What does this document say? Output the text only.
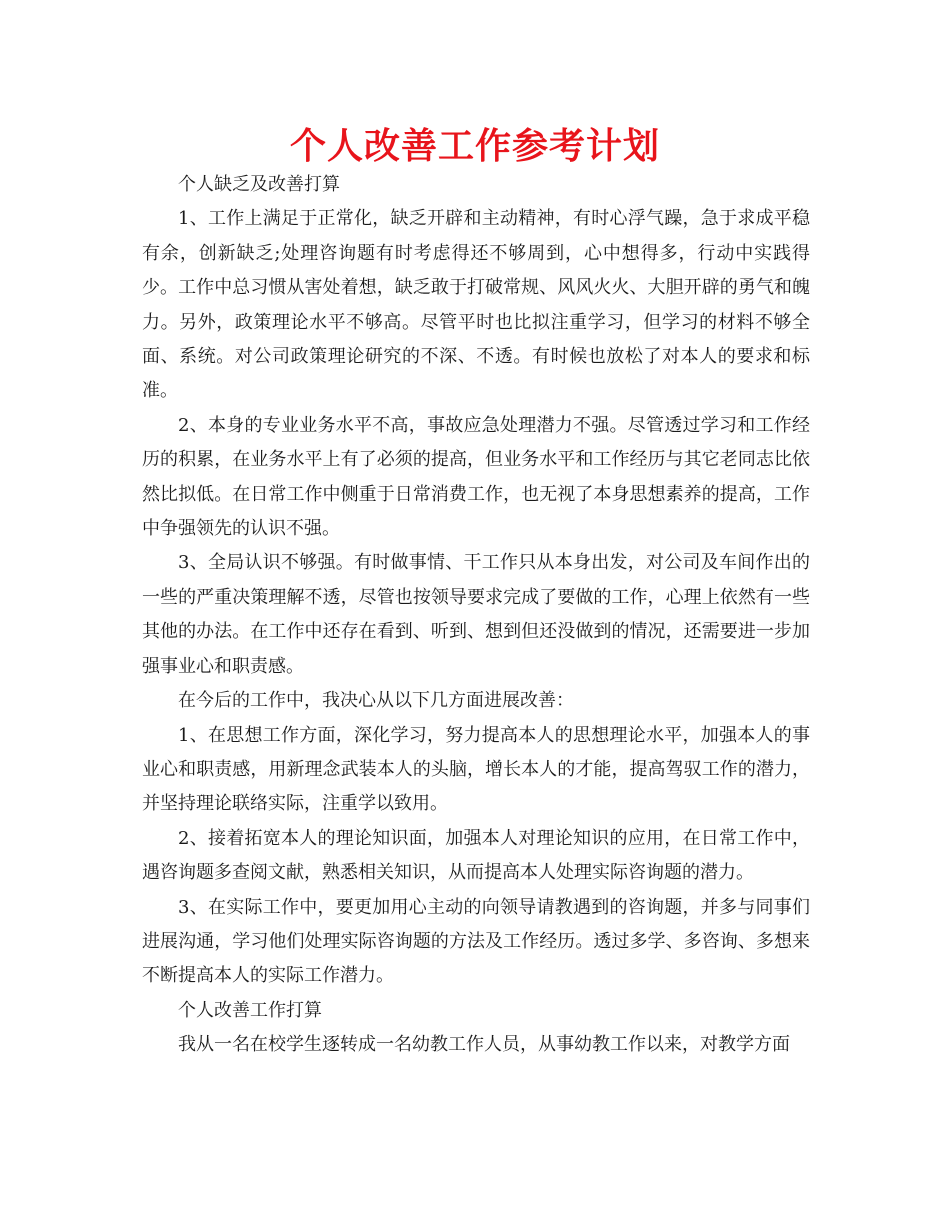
个人改善工作参考计划

个人缺乏及改善打算

1、工作上满足于正常化，缺乏开辟和主动精神，有时心浮气躁，急于求成平稳有余，创新缺乏;处理咨询题有时考虑得还不够周到，心中想得多，行动中实践得少。工作中总习惯从害处着想，缺乏敢于打破常规、风风火火、大胆开辟的勇气和魄力。另外，政策理论水平不够高。尽管平时也比拟注重学习，但学习的材料不够全面、系统。对公司政策理论研究的不深、不透。有时候也放松了对本人的要求和标准。

2、本身的专业业务水平不高，事故应急处理潜力不强。尽管透过学习和工作经历的积累，在业务水平上有了必须的提高，但业务水平和工作经历与其它老同志比依然比拟低。在日常工作中侧重于日常消费工作，也无视了本身思想素养的提高，工作中争强领先的认识不强。

3、全局认识不够强。有时做事情、干工作只从本身出发，对公司及车间作出的一些的严重决策理解不透，尽管也按领导要求完成了要做的工作，心理上依然有一些其他的办法。在工作中还存在看到、听到、想到但还没做到的情况，还需要进一步加强事业心和职责感。

在今后的工作中，我决心从以下几方面进展改善：

1、在思想工作方面，深化学习，努力提高本人的思想理论水平，加强本人的事业心和职责感，用新理念武装本人的头脑，增长本人的才能，提高驾驭工作的潜力，并坚持理论联络实际，注重学以致用。

2、接着拓宽本人的理论知识面，加强本人对理论知识的应用，在日常工作中，遇咨询题多查阅文献，熟悉相关知识，从而提高本人处理实际咨询题的潜力。

3、在实际工作中，要更加用心主动的向领导请教遇到的咨询题，并多与同事们进展沟通，学习他们处理实际咨询题的方法及工作经历。透过多学、多咨询、多想来不断提高本人的实际工作潜力。

个人改善工作打算

我从一名在校学生逐转成一名幼教工作人员，从事幼教工作以来，对教学方面
